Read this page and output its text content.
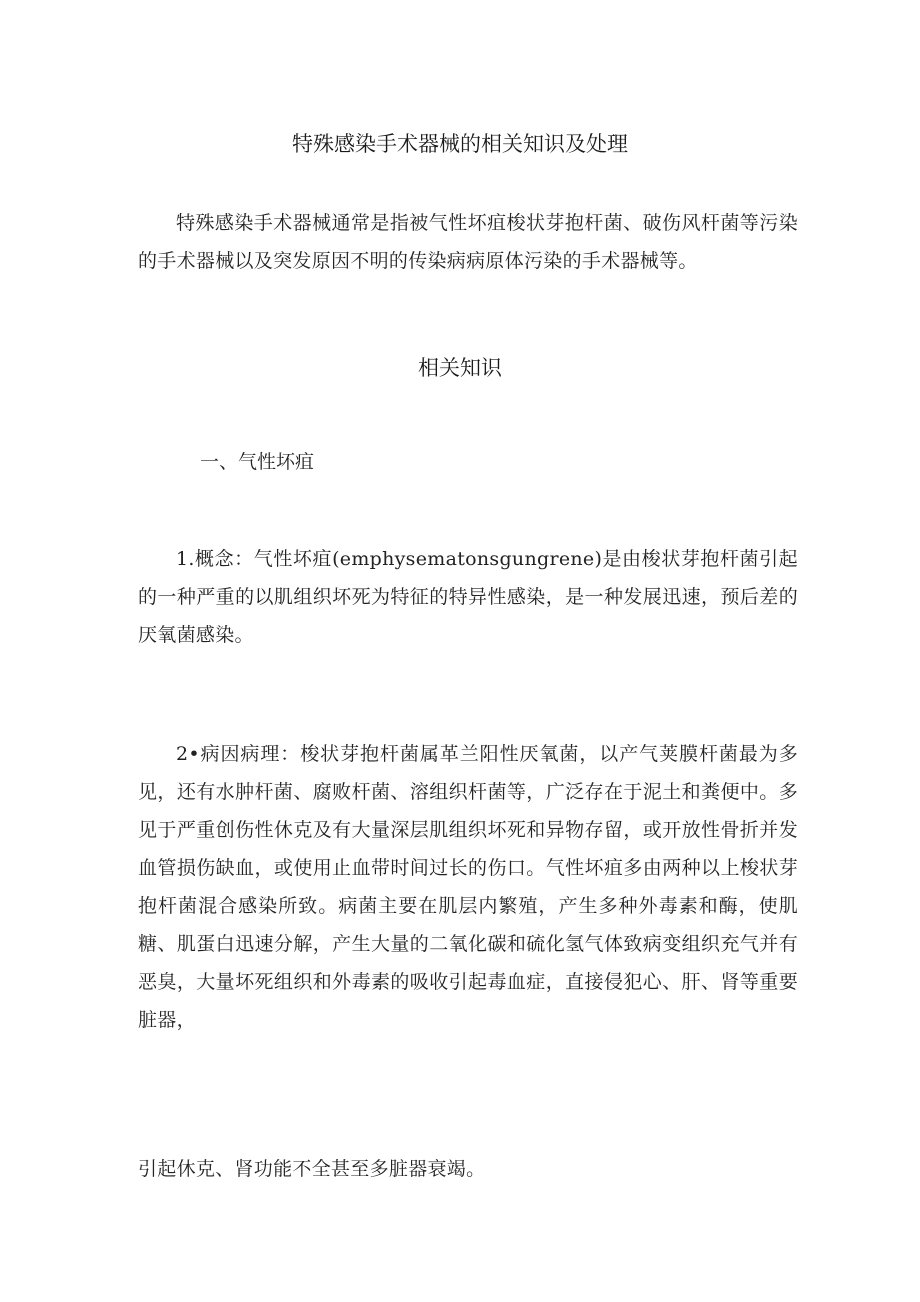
特殊感染手术器械的相关知识及处理

特殊感染手术器械通常是指被气性坏疽梭状芽抱杆菌、破伤风杆菌等污染的手术器械以及突发原因不明的传染病病原体污染的手术器械等。

相关知识
一、气性坏疽

1.概念：气性坏疽(emphysematonsgungrene)是由梭状芽抱杆菌引起的一种严重的以肌组织坏死为特征的特异性感染，是一种发展迅速，预后差的厌氧菌感染。

2•病因病理：梭状芽抱杆菌属革兰阳性厌氧菌，以产气荚膜杆菌最为多见，还有水肿杆菌、腐败杆菌、溶组织杆菌等，广泛存在于泥土和粪便中。多见于严重创伤性休克及有大量深层肌组织坏死和异物存留，或开放性骨折并发血管损伤缺血，或使用止血带时间过长的伤口。气性坏疽多由两种以上梭状芽抱杆菌混合感染所致。病菌主要在肌层内繁殖，产生多种外毒素和酶，使肌糖、肌蛋白迅速分解，产生大量的二氧化碳和硫化氢气体致病变组织充气并有恶臭，大量坏死组织和外毒素的吸收引起毒血症，直接侵犯心、肝、肾等重要脏器，

引起休克、肾功能不全甚至多脏器衰竭。
